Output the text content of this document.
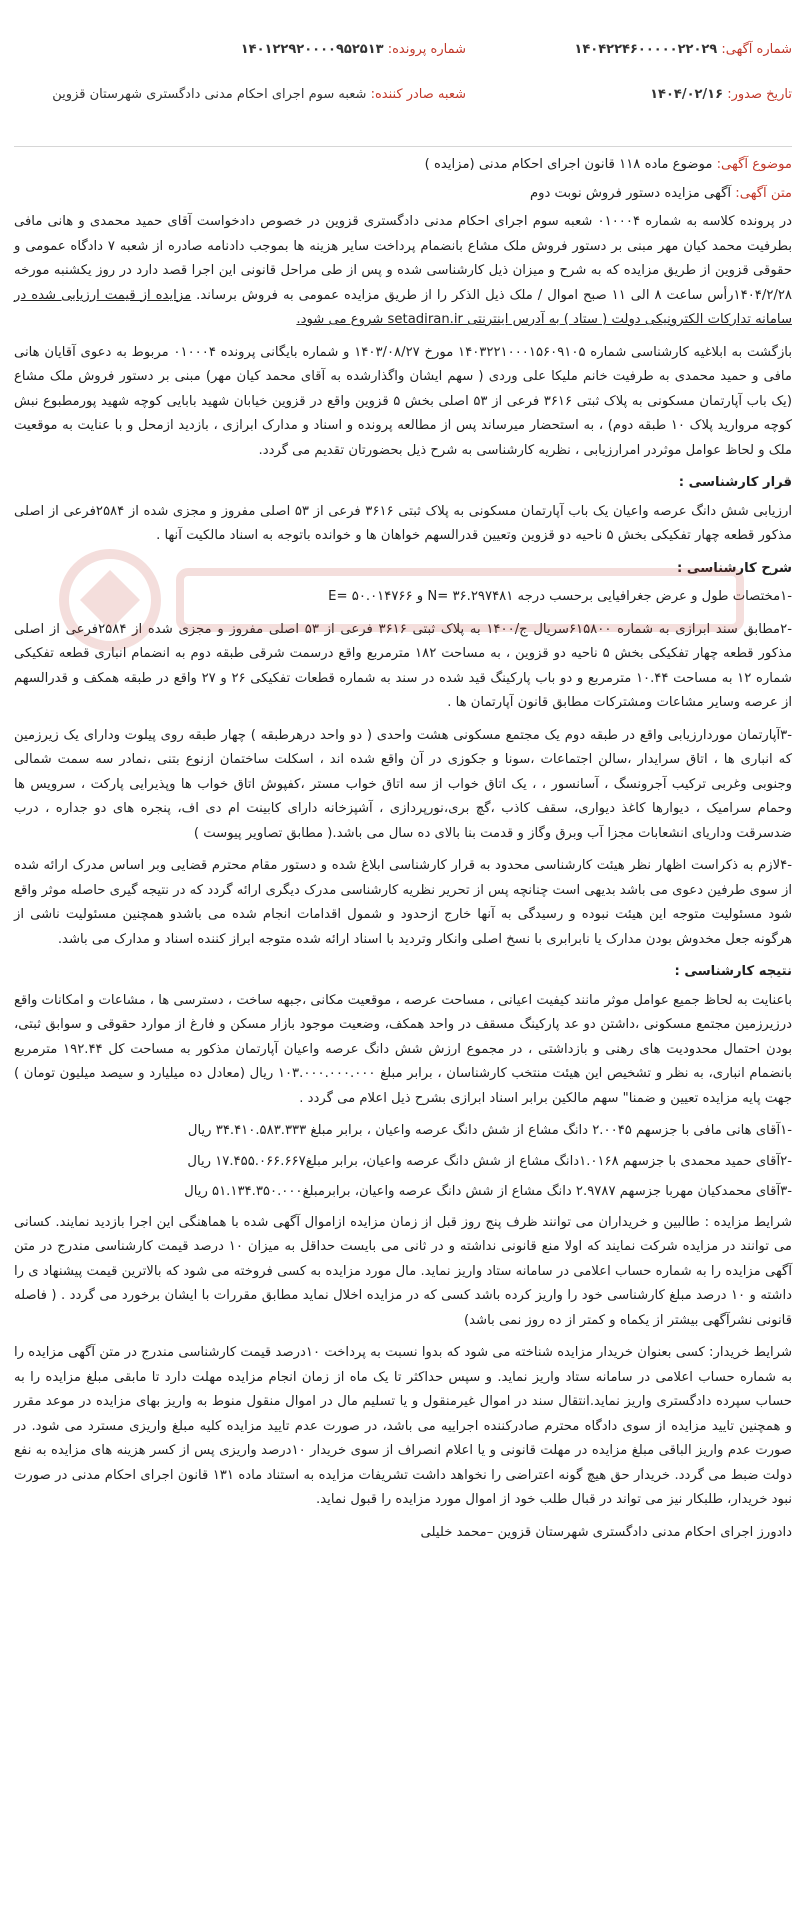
شماره آگهی: ۱۴۰۴۲۲۴۶۰۰۰۰۰۲۲۰۲۹
شماره پرونده: ۱۴۰۱۲۲۹۲۰۰۰۰۹۵۲۵۱۳
تاریخ صدور: ۱۴۰۴/۰۲/۱۶
شعبه صادر کننده: شعبه سوم اجرای احکام مدنی دادگستری شهرستان قزوین
موضوع آگهی: موضوع ماده ۱۱۸ قانون اجرای احکام مدنی (مزایده )
متن آگهی: آگهی مزایده دستور فروش نوبت دوم

در پرونده کلاسه به شماره ۰۱۰۰۰۴ شعبه سوم اجرای احکام مدنی دادگستری قزوین در خصوص دادخواست آقای حمید محمدی و هانی مافی بطرفیت محمد کیان مهر مبنی بر دستور فروش ملک مشاع بانضمام پرداخت سایر هزینه ها بموجب دادنامه صادره از شعبه ۷ دادگاه عمومی و حقوقی قزوین از طریق مزایده که به شرح و میزان ذیل کارشناسی شده و پس از طی مراحل قانونی این اجرا قصد دارد در روز یکشنبه مورخه ۱۴۰۴/۲/۲۸رأس ساعت ۸ الی ۱۱ صبح اموال / ملک ذیل الذکر را از طریق مزایده عمومی به فروش برساند. مزایده از قیمت ارزیابی شده در سامانه تدارکات الکترونیکی دولت ( ستاد ) به آدرس اینترنتی setadiran.ir شروع می شود.

بازگشت به ابلاغیه کارشناسی شماره ۱۴۰۳۲۲۱۰۰۰۱۵۶۰۹۱۰۵ مورخ ۱۴۰۳/۰۸/۲۷ و شماره بایگانی پرونده ۰۱۰۰۰۴ مربوط به دعوی آقایان هانی مافی و حمید محمدی به طرفیت خانم ملیکا علی وردی ( سهم ایشان واگذارشده به آقای محمد کیان مهر) مبنی بر دستور فروش ملک مشاع (یک باب آپارتمان مسکونی به پلاک ثبتی ۳۶۱۶ فرعی از ۵۳ اصلی بخش ۵ قزوین واقع در قزوین خیابان شهید بابایی کوچه شهید پورمطبوع نبش کوچه مروارید پلاک ۱۰ طبقه دوم) ، به استحضار میرساند پس از مطالعه پرونده و اسناد و مدارک ابرازی ، بازدید ازمحل و با عنایت به موقعیت ملک و لحاظ عوامل موثردر امرارزیابی ، نظریه کارشناسی به شرح ذیل بحضورتان تقدیم می گردد.

قرار کارشناسی :

ارزیابی شش دانگ عرصه واعیان یک باب آپارتمان مسکونی به پلاک ثبتی ۳۶۱۶ فرعی از ۵۳ اصلی مفروز و مجزی شده از ۲۵۸۴فرعی از اصلی مذکور قطعه چهار تفکیکی بخش ۵ ناحیه دو قزوین وتعیین قدرالسهم خواهان ها و خوانده باتوجه به اسناد مالکیت آنها .

شرح کارشناسی :

-۱مختصات طول و عرض جغرافیایی برحسب درجه N= ۳۶.۲۹۷۴۸۱ و E= ۵۰.۰۱۴۷۶۶

-۲مطابق سند ابرازی به شماره ۶۱۵۸۰۰سریال ج/۱۴۰۰ به پلاک ثبتی ۳۶۱۶ فرعی از ۵۳ اصلی مفروز و مجزی شده از ۲۵۸۴فرعی از اصلی مذکور قطعه چهار تفکیکی بخش ۵ ناحیه دو قزوین ، به مساحت ۱۸۲ مترمربع واقع درسمت شرقی طبقه دوم به انضمام انباری قطعه تفکیکی شماره ۱۲ به مساحت ۱۰.۴۴ مترمربع و دو باب پارکینگ قید شده در سند به شماره قطعات تفکیکی ۲۶ و ۲۷ واقع در طبقه همکف و قدرالسهم از عرصه وسایر مشاعات ومشترکات مطابق قانون آپارتمان ها .

-۳آپارتمان موردارزیابی واقع در طبقه دوم یک مجتمع مسکونی هشت واحدی ( دو واحد درهرطبقه ) چهار طبقه روی پیلوت ودارای یک زیرزمین که انباری ها ، اتاق سرایدار ،سالن اجتماعات ،سونا و جکوزی در آن واقع شده اند ، اسکلت ساختمان ازنوع بتنی ،نمادر سه سمت شمالی وجنوبی وغربی ترکیب آجرونسگ ، آسانسور ، ، یک اتاق خواب از سه اتاق خواب مستر ،کفپوش اتاق خواب ها وپذیرایی پارکت ، سرویس ها وحمام سرامیک ، دیوارها کاغذ دیواری، سقف کاذب ،گچ بری،نورپردازی ، آشپزخانه دارای کابینت ام دی اف، پنجره های دو جداره ، درب ضدسرقت وداریای انشعابات مجزا آب وبرق وگاز و قدمت بنا بالای ده سال می باشد.( مطابق تصاویر پیوست )

-۴لازم به ذکراست اظهار نظر هیئت کارشناسی محدود به قرار کارشناسی ابلاغ شده و دستور مقام محترم قضایی وبر اساس مدرک ارائه شده از سوی طرفین دعوی می باشد بدیهی است چنانچه پس از تحریر نظریه کارشناسی مدرک دیگری ارائه گردد که در نتیجه گیری حاصله موثر واقع شود مسئولیت متوجه این هیئت نبوده و رسیدگی به آنها خارج ازحدود و شمول اقدامات انجام شده می باشدو همچنین مسئولیت ناشی از هرگونه جعل مخدوش بودن مدارک یا نابرابری با نسخ اصلی وانکار وتردید با اسناد ارائه شده متوجه ابراز کننده اسناد و مدارک می باشد.

نتیجه کارشناسی :

باعنایت به لحاظ جمیع عوامل موثر مانند کیفیت اعیانی ، مساحت عرصه ، موقعیت مکانی ،جبهه ساخت ، دسترسی ها ، مشاعات و امکانات واقع درزیرزمین مجتمع مسکونی ،داشتن دو عد پارکینگ مسقف در واحد همکف، وضعیت موجود بازار مسکن و فارغ از موارد حقوقی و سوابق ثبتی، بودن احتمال محدودیت های رهنی و بازداشتی ، در مجموع ارزش شش دانگ عرصه واعیان آپارتمان مذکور به مساحت کل ۱۹۲.۴۴ مترمربع بانضمام انباری، به نظر و تشخیص این هیئت منتخب کارشناسان ، برابر مبلغ ۱۰۳.۰۰۰.۰۰۰.۰۰۰ ریال (معادل ده میلیارد و سیصد میلیون تومان ) جهت پایه مزایده تعیین و ضمنا" سهم مالکین برابر اسناد ابرازی بشرح ذیل اعلام می گردد .

-۱آقای هانی مافی با جزسهم ۲.۰۰۴۵ دانگ مشاع از شش دانگ عرصه واعیان ، برابر مبلغ ۳۴.۴۱۰.۵۸۳.۳۳۳ ریال
-۲آقای حمید محمدی با جزسهم ۱.۰۱۶۸دانگ مشاع از شش دانگ عرصه واعیان، برابر مبلغ۱۷.۴۵۵.۰۶۶.۶۶۷ ریال
-۳آقای محمدکیان مهربا جزسهم ۲.۹۷۸۷ دانگ مشاع از شش دانگ عرصه واعیان، برابرمبلغ۵۱.۱۳۴.۳۵۰.۰۰۰ ریال

شرایط مزایده : طالبین و خریداران می توانند ظرف پنج روز قبل از زمان مزایده ازاموال آگهی شده با هماهنگی این اجرا بازدید نمایند. کسانی می توانند در مزایده شرکت نمایند که اولا منع قانونی نداشته و در ثانی می بایست حداقل به میزان ۱۰ درصد قیمت کارشناسی مندرج در متن آگهی مزایده را به شماره حساب اعلامی در سامانه ستاد واریز نماید. مال مورد مزایده به کسی فروخته می شود که بالاترین قیمت پیشنهاد ی را داشته و ۱۰ درصد مبلغ کارشناسی خود را واریز کرده باشد کسی که در مزایده اخلال نماید مطابق مقررات با ایشان برخورد می گردد . ( فاصله قانونی نشرآگهی بیشتر از یکماه و کمتر از ده روز نمی باشد)

شرایط خریدار: کسی بعنوان خریدار مزایده شناخته می شود که بدوا نسبت به پرداخت ۱۰درصد قیمت کارشناسی مندرج در متن آگهی مزایده را به شماره حساب اعلامی در سامانه ستاد واریز نماید. و سپس حداکثر تا یک ماه از زمان انجام مزایده مهلت دارد تا مابقی مبلغ مزایده را به حساب سپرده دادگستری واریز نماید.انتقال سند در اموال غیرمنقول و یا تسلیم مال در اموال منقول منوط به واریز بهای مزایده در موعد مقرر و همچنین تایید مزایده از سوی دادگاه محترم صادرکننده اجراییه می باشد، در صورت عدم تایید مزایده کلیه مبلغ واریزی مسترد می شود. در صورت عدم واریز الباقی مبلغ مزایده در مهلت قانونی و یا اعلام انصراف از سوی خریدار ۱۰درصد واریزی پس از کسر هزینه های مزایده به نفع دولت ضبط می گردد. خریدار حق هیچ گونه اعتراضی را نخواهد داشت تشریفات مزایده به استناد ماده ۱۳۱ قانون اجرای احکام مدنی در صورت نبود خریدار، طلبکار نیز می تواند در قبال طلب خود از اموال مورد مزایده را قبول نماید.

دادورز اجرای احکام مدنی دادگستری شهرستان قزوین –محمد خلیلی
